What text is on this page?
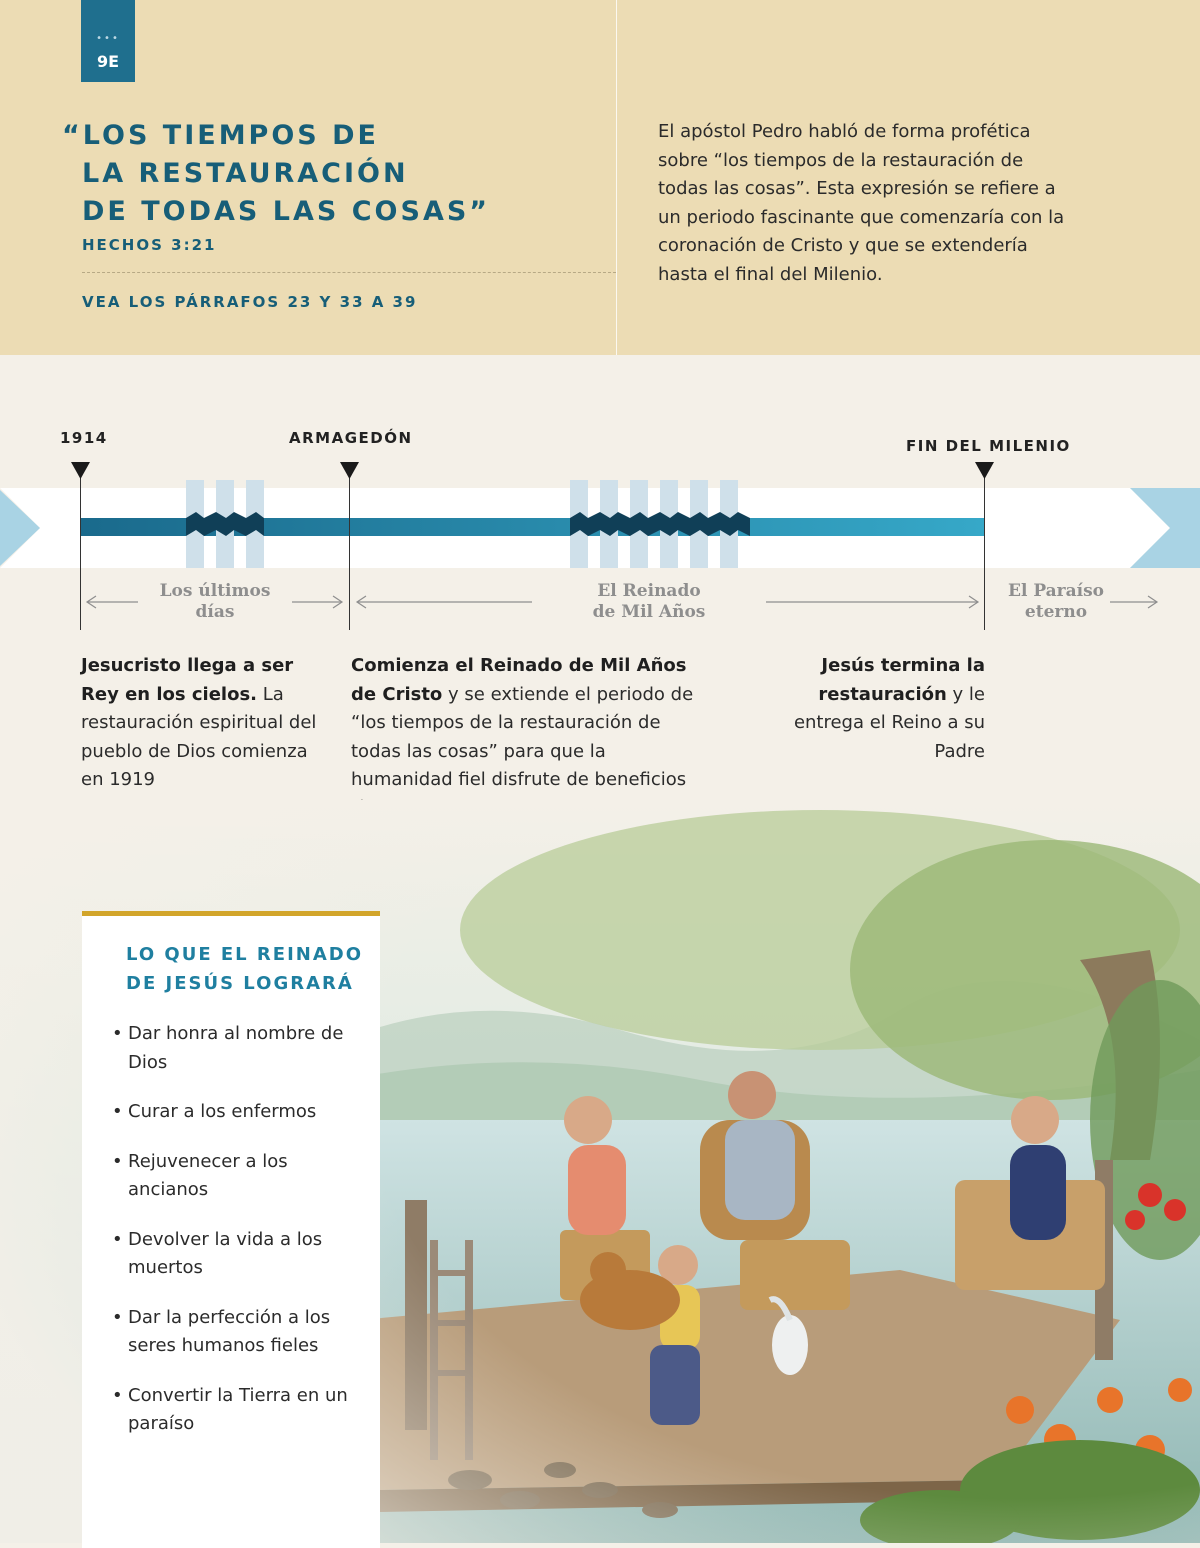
•••
9E
“LOS TIEMPOS DE
LA RESTAURACIÓN
DE TODAS LAS COSAS”
HECHOS 3:21
VEA LOS PÁRRAFOS 23 Y 33 A 39
El apóstol Pedro habló de forma profética sobre “los tiempos de la restauración de todas las cosas”. Esta expresión se refiere a un periodo fascinante que comenzaría con la coronación de Cristo y que se extendería hasta el final del Milenio.
1914	ARMAGEDÓN	FIN DEL MILENIO
Los últimos
días
El Reinado
de Mil Años
El Paraíso
eterno
Jesucristo llega a ser Rey en los cielos. La restauración espiritual del pueblo de Dios comienza en 1919
Comienza el Reinado de Mil Años de Cristo y se extiende el periodo de “los tiempos de la restauración de todas las cosas” para que la humanidad fiel disfrute de beneficios
Jesús termina la restauración y le entrega el Reino a su Padre
LO QUE EL REINADO
DE JESÚS LOGRARÁ
• Dar honra al nombre de Dios
• Curar a los enfermos
• Rejuvenecer a los ancianos
• Devolver la vida a los muertos
• Dar la perfección a los seres humanos fieles
• Convertir la Tierra en un paraíso
